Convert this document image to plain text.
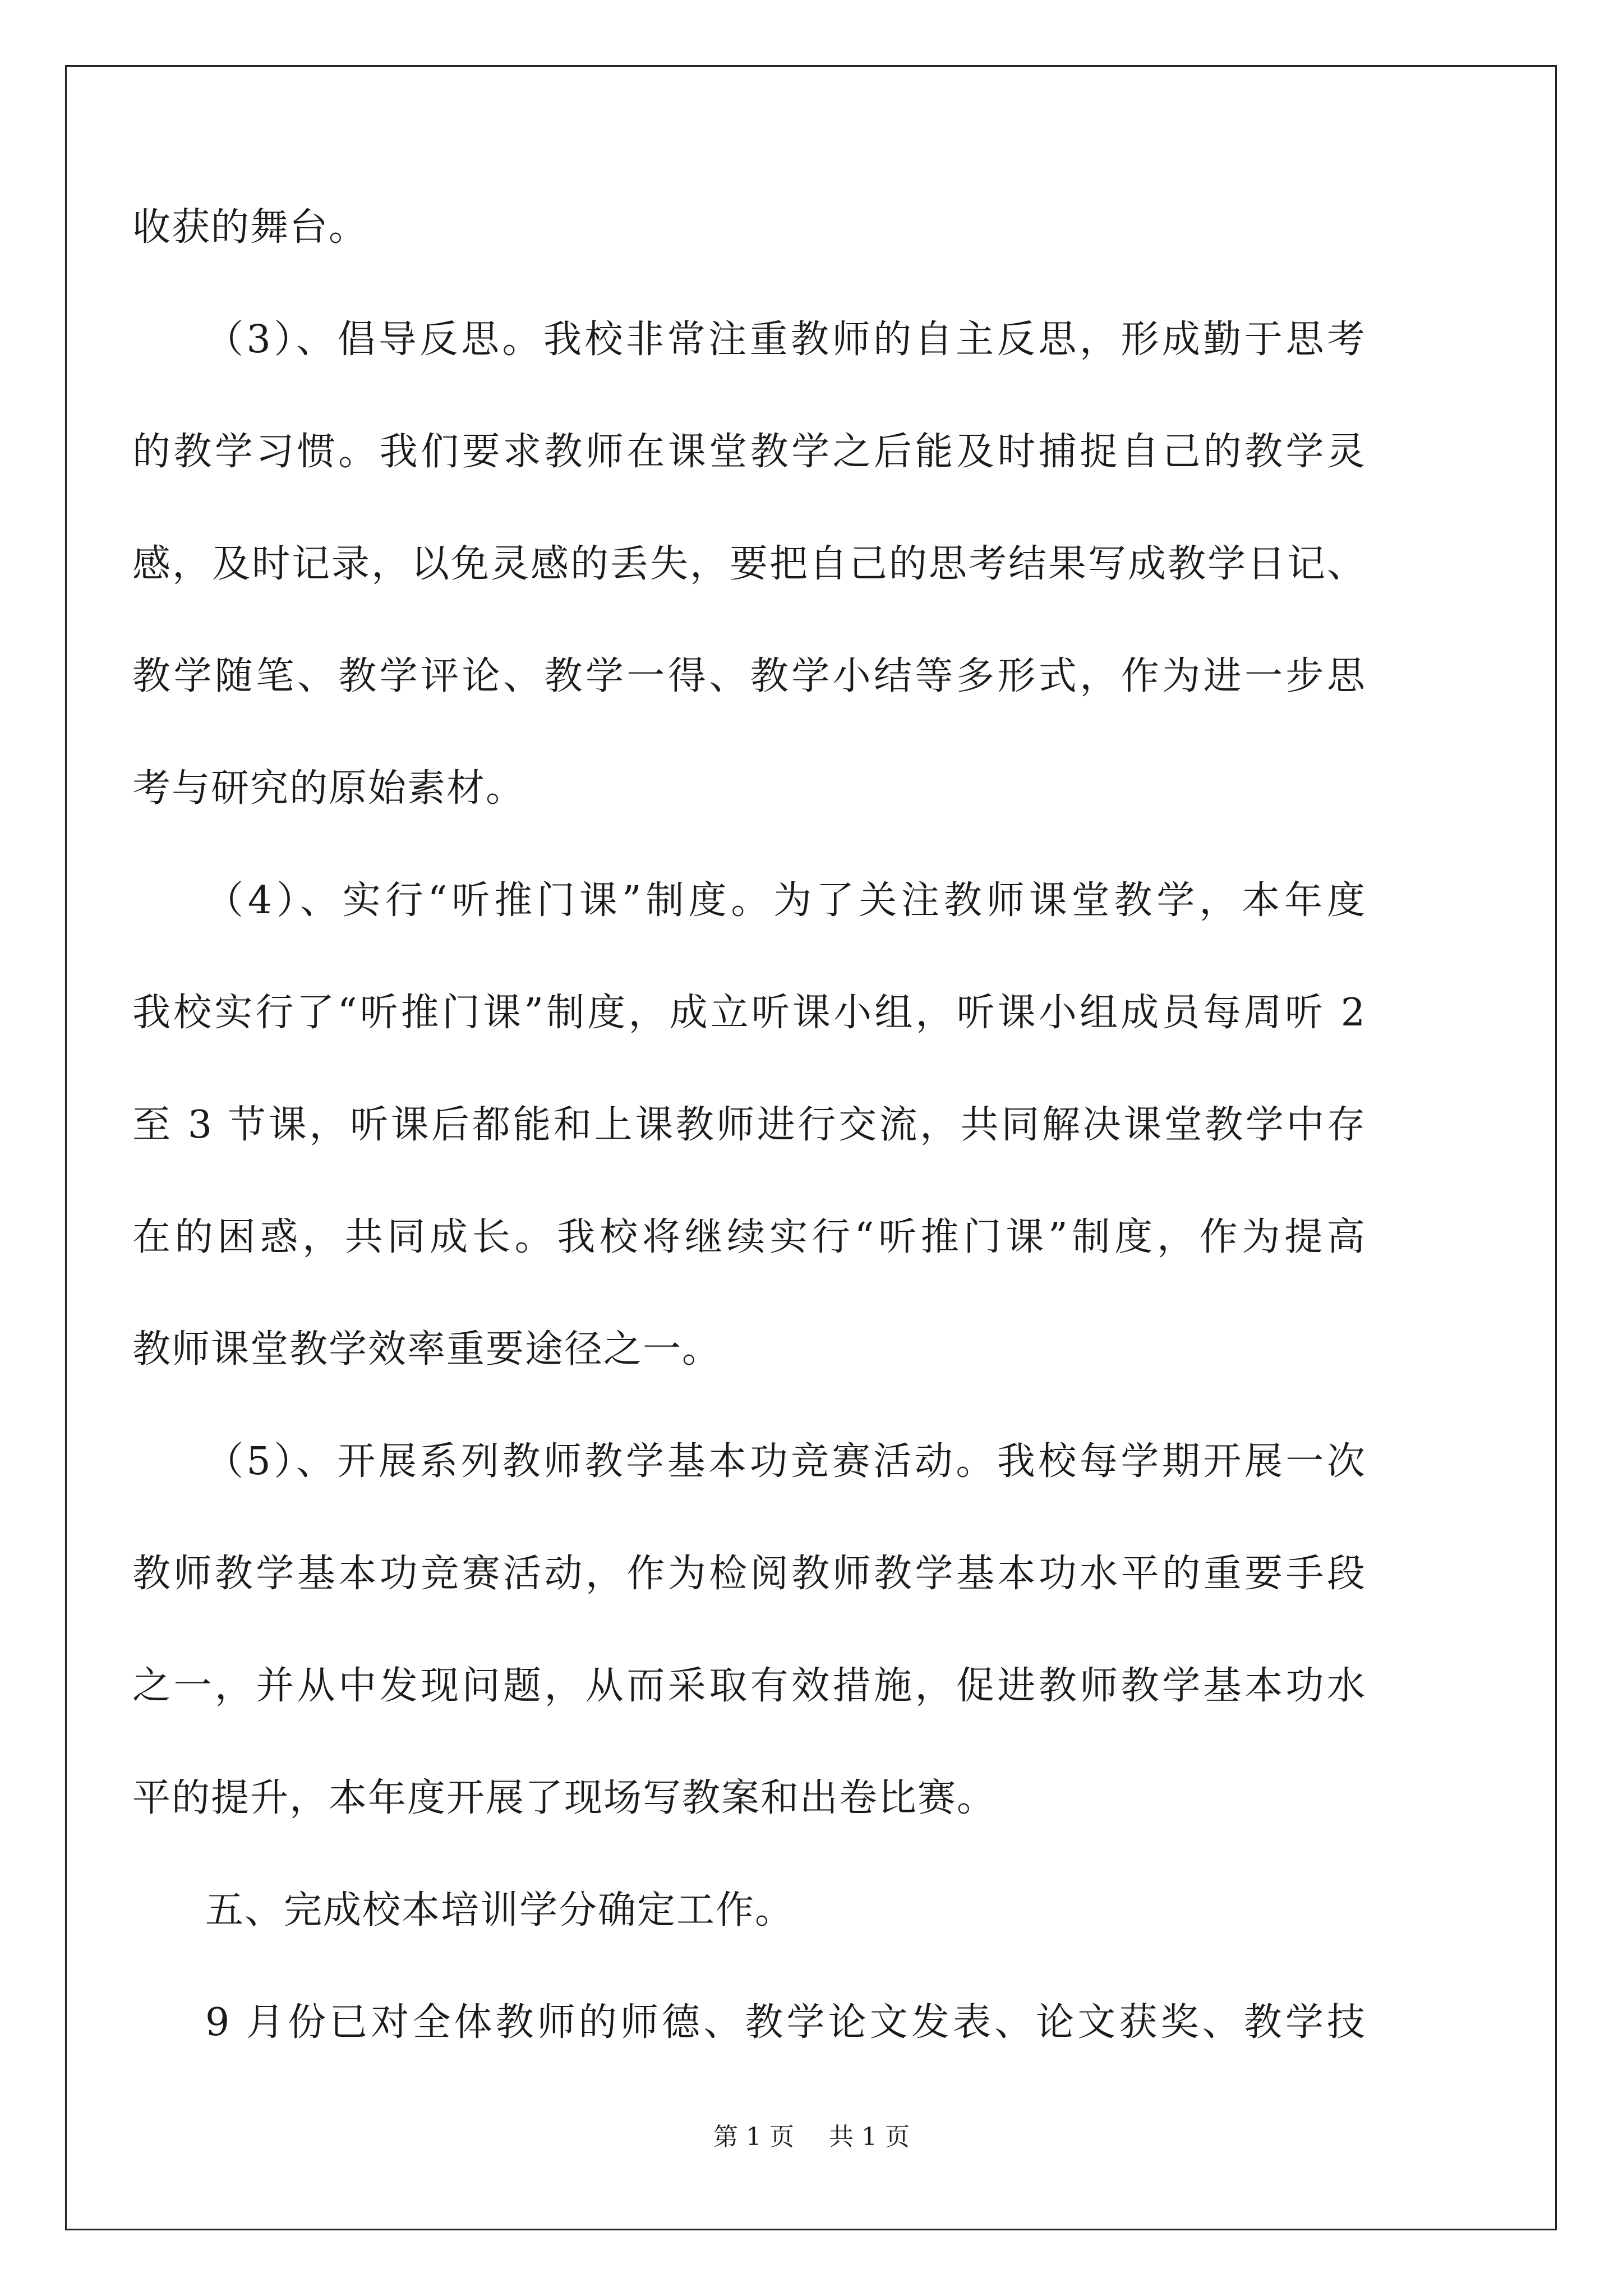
收获的舞台。
（3）、倡导反思。我校非常注重教师的自主反思，形成勤于思考
的教学习惯。我们要求教师在课堂教学之后能及时捕捉自己的教学灵
感，及时记录，以免灵感的丢失，要把自己的思考结果写成教学日记、
教学随笔、教学评论、教学一得、教学小结等多形式，作为进一步思
考与研究的原始素材。
（4）、实行“听推门课”制度。为了关注教师课堂教学，本年度
我校实行了“听推门课”制度，成立听课小组，听课小组成员每周听 2
至 3 节课，听课后都能和上课教师进行交流，共同解决课堂教学中存
在的困惑，共同成长。我校将继续实行“听推门课”制度，作为提高
教师课堂教学效率重要途径之一。
（5）、开展系列教师教学基本功竞赛活动。我校每学期开展一次
教师教学基本功竞赛活动，作为检阅教师教学基本功水平的重要手段
之一，并从中发现问题，从而采取有效措施，促进教师教学基本功水
平的提升，本年度开展了现场写教案和出卷比赛。
五、完成校本培训学分确定工作。
9 月份已对全体教师的师德、教学论文发表、论文获奖、教学技
第 1 页 共 1 页
